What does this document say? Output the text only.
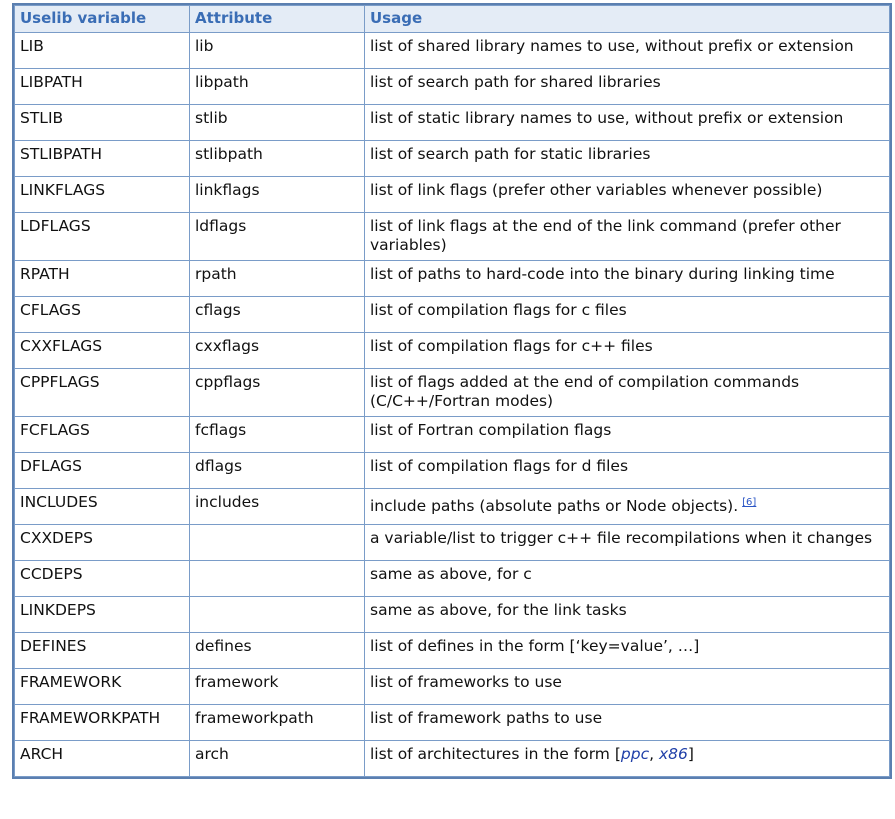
Uselib variable	Attribute	Usage
LIB	lib	list of shared library names to use, without prefix or extension
LIBPATH	libpath	list of search path for shared libraries
STLIB	stlib	list of static library names to use, without prefix or extension
STLIBPATH	stlibpath	list of search path for static libraries
LINKFLAGS	linkflags	list of link flags (prefer other variables whenever possible)
LDFLAGS	ldflags	list of link flags at the end of the link command (prefer other variables)
RPATH	rpath	list of paths to hard-code into the binary during linking time
CFLAGS	cflags	list of compilation flags for c files
CXXFLAGS	cxxflags	list of compilation flags for c++ files
CPPFLAGS	cppflags	list of flags added at the end of compilation commands (C/C++/Fortran modes)
FCFLAGS	fcflags	list of Fortran compilation flags
DFLAGS	dflags	list of compilation flags for d files
INCLUDES	includes	include paths (absolute paths or Node objects). [6]
CXXDEPS		a variable/list to trigger c++ file recompilations when it changes
CCDEPS		same as above, for c
LINKDEPS		same as above, for the link tasks
DEFINES	defines	list of defines in the form [‘key=value’, …]
FRAMEWORK	framework	list of frameworks to use
FRAMEWORKPATH	frameworkpath	list of framework paths to use
ARCH	arch	list of architectures in the form [ppc, x86]
